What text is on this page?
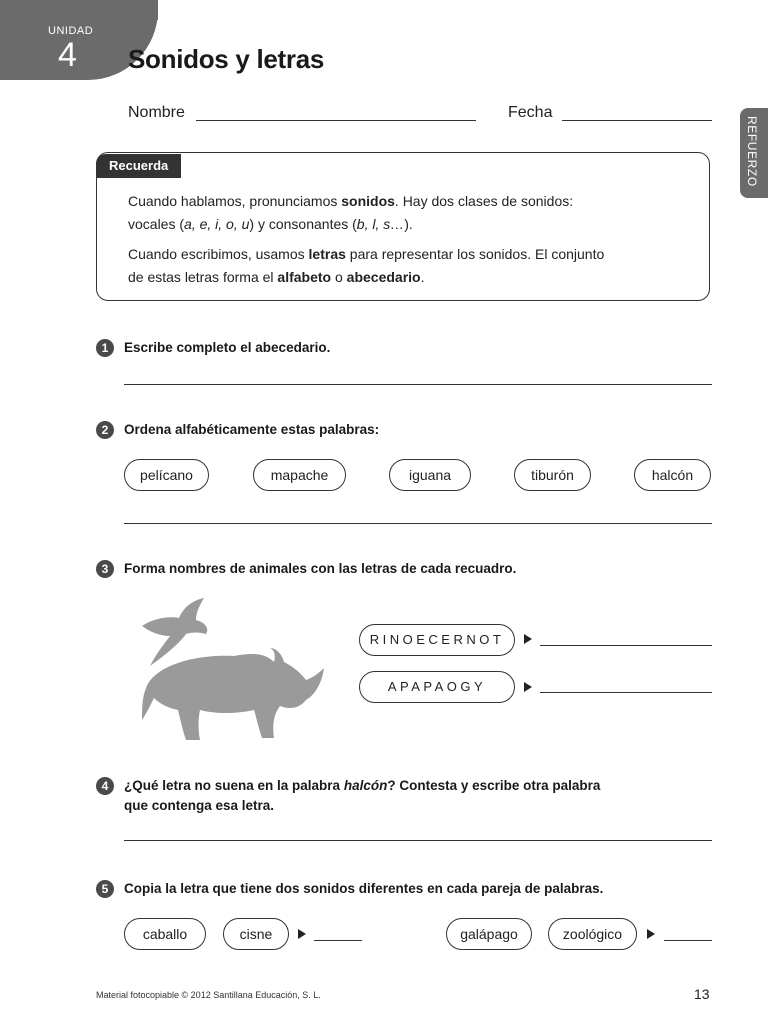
UNIDAD
4 Sonidos y letras
REFUERZO
Nombre	Fecha
Recuerda
Cuando hablamos, pronunciamos sonidos. Hay dos clases de sonidos:
vocales (a, e, i, o, u) y consonantes (b, l, s…).
Cuando escribimos, usamos letras para representar los sonidos. El conjunto
de estas letras forma el alfabeto o abecedario.
1	Escribe completo el abecedario.
2	Ordena alfabéticamente estas palabras:
pelícano	mapache	iguana	tiburón	halcón
3	Forma nombres de animales con las letras de cada recuadro.
RINOECERNOT
APAPAOGY
4	¿Qué letra no suena en la palabra halcón? Contesta y escribe otra palabra
que contenga esa letra.
5	Copia la letra que tiene dos sonidos diferentes en cada pareja de palabras.
caballo	cisne	galápago	zoológico
Material fotocopiable © 2012 Santillana Educación, S. L.	13
